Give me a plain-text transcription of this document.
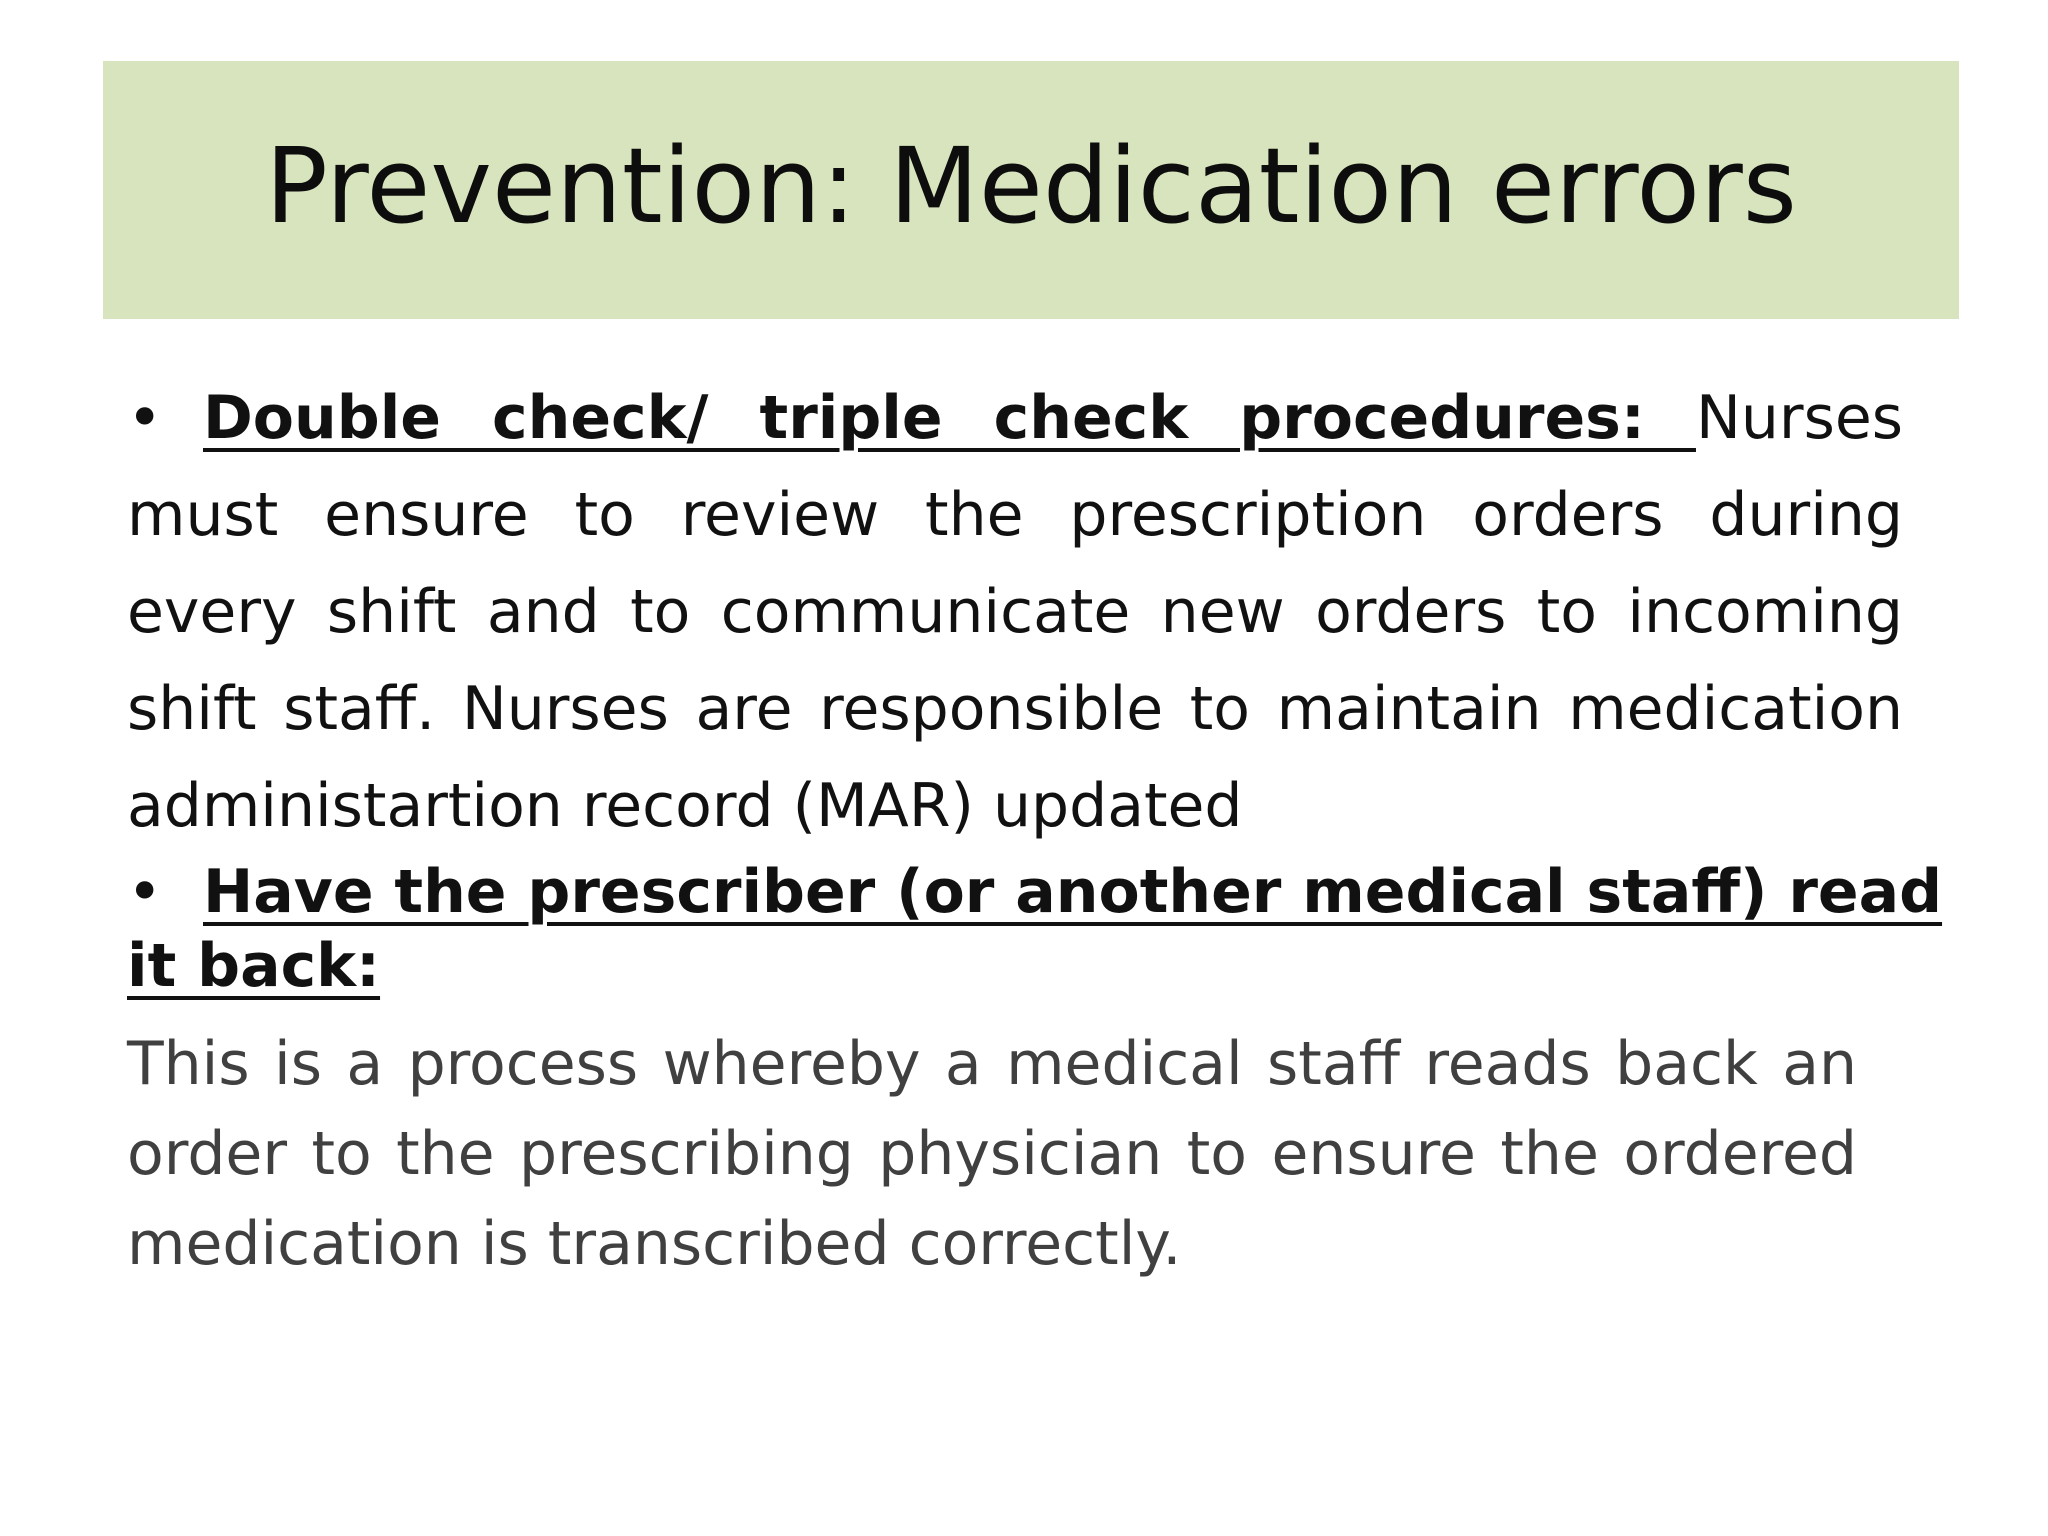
Prevention: Medication errors
• Double check/ triple check procedures: Nurses must ensure to review the prescription orders during every shift and to communicate new orders to incoming shift staff. Nurses are responsible to maintain medication administartion record (MAR) updated
• Have the prescriber (or another medical staff) read it back:
This is a process whereby a medical staff reads back an order to the prescribing physician to ensure the ordered medication is transcribed correctly.
